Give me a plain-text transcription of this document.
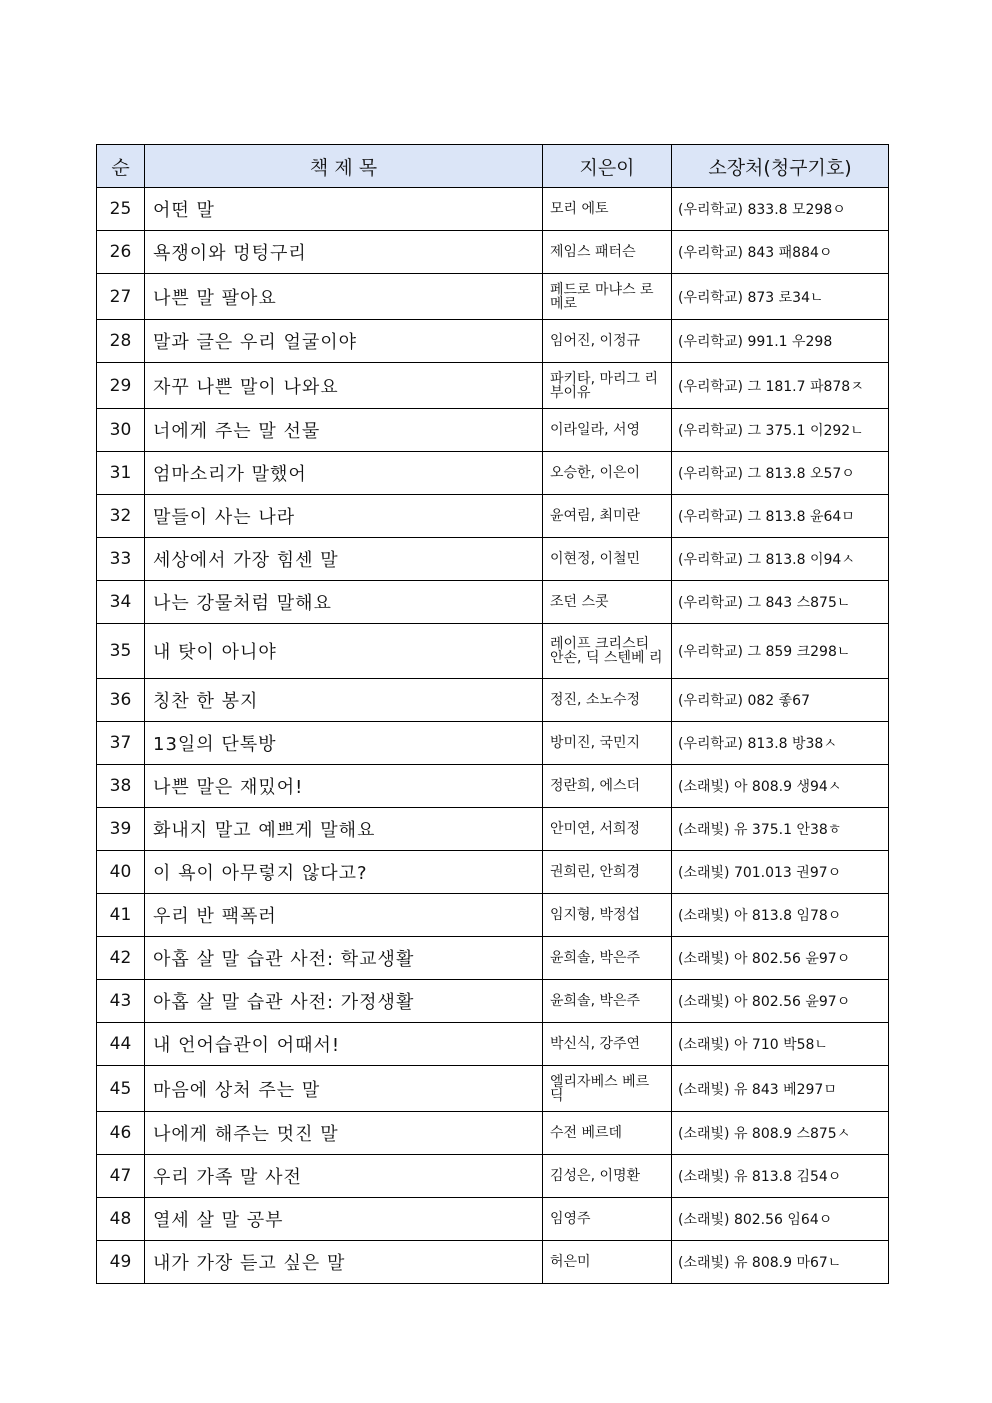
순	책 제 목	지은이	소장처(청구기호)
25	어떤 말	모리 에토	(우리학교) 833.8 모298ㅇ
26	욕쟁이와 멍텅구리	제임스 패터슨	(우리학교) 843 패884ㅇ
27	나쁜 말 팔아요	페드로 마냐스 로메로	(우리학교) 873 로34ㄴ
28	말과 글은 우리 얼굴이야	임어진, 이정규	(우리학교) 991.1 우298
29	자꾸 나쁜 말이 나와요	파키타, 마리그 리부이유	(우리학교) 그 181.7 파878ㅈ
30	너에게 주는 말 선물	이라일라, 서영	(우리학교) 그 375.1 이292ㄴ
31	엄마소리가 말했어	오승한, 이은이	(우리학교) 그 813.8 오57ㅇ
32	말들이 사는 나라	윤여림, 최미란	(우리학교) 그 813.8 윤64ㅁ
33	세상에서 가장 힘센 말	이현정, 이철민	(우리학교) 그 813.8 이94ㅅ
34	나는 강물처럼 말해요	조던 스콧	(우리학교) 그 843 스875ㄴ
35	내 탓이 아니야	레이프 크리스티 안손, 딕 스텐베 리	(우리학교) 그 859 크298ㄴ
36	칭찬 한 봉지	정진, 소노수정	(우리학교) 082 좋67
37	13일의 단톡방	방미진, 국민지	(우리학교) 813.8 방38ㅅ
38	나쁜 말은 재밌어!	정란희, 에스더	(소래빛) 아 808.9 생94ㅅ
39	화내지 말고 예쁘게 말해요	안미연, 서희정	(소래빛) 유 375.1 안38ㅎ
40	이 욕이 아무렇지 않다고?	권희린, 안희경	(소래빛) 701.013 권97ㅇ
41	우리 반 팩폭러	임지형, 박정섭	(소래빛) 아 813.8 임78ㅇ
42	아홉 살 말 습관 사전: 학교생활	윤희솔, 박은주	(소래빛) 아 802.56 윤97ㅇ
43	아홉 살 말 습관 사전: 가정생활	윤희솔, 박은주	(소래빛) 아 802.56 윤97ㅇ
44	내 언어습관이 어때서!	박신식, 강주연	(소래빛) 아 710 박58ㄴ
45	마음에 상처 주는 말	엘리자베스 베르 딕	(소래빛) 유 843 베297ㅁ
46	나에게 해주는 멋진 말	수전 베르데	(소래빛) 유 808.9 스875ㅅ
47	우리 가족 말 사전	김성은, 이명환	(소래빛) 유 813.8 김54ㅇ
48	열세 살 말 공부	임영주	(소래빛) 802.56 임64ㅇ
49	내가 가장 듣고 싶은 말	허은미	(소래빛) 유 808.9 마67ㄴ
